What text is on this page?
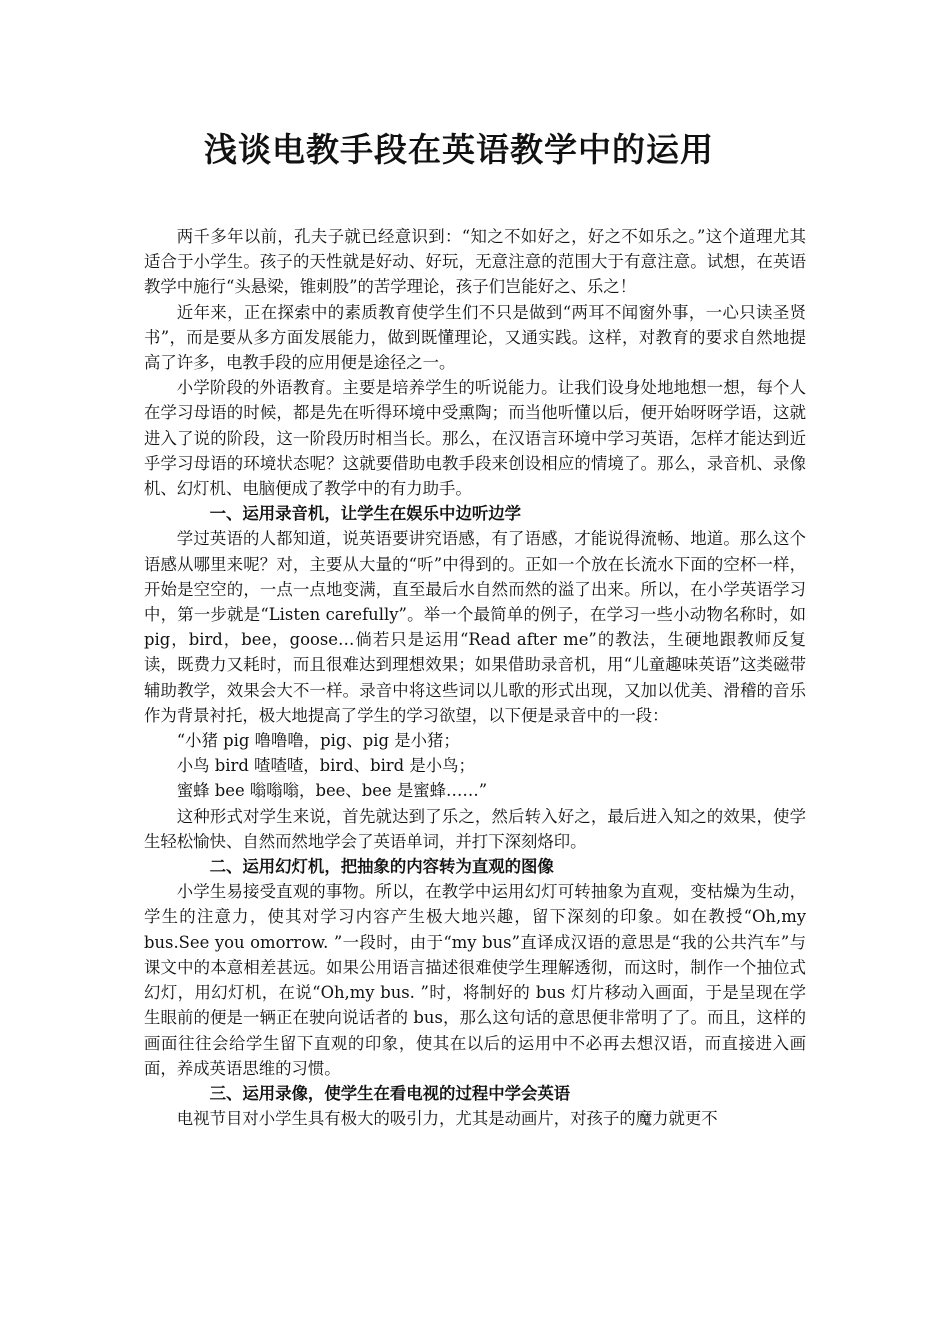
浅谈电教手段在英语教学中的运用

两千多年以前，孔夫子就已经意识到：“知之不如好之，好之不如乐之。”这个道理尤其适合于小学生。孩子的天性就是好动、好玩，无意注意的范围大于有意注意。试想，在英语教学中施行“头悬梁，锥刺股”的苦学理论，孩子们岂能好之、乐之！

近年来，正在探索中的素质教育使学生们不只是做到“两耳不闻窗外事，一心只读圣贤书”，而是要从多方面发展能力，做到既懂理论，又通实践。这样，对教育的要求自然地提高了许多，电教手段的应用便是途径之一。

小学阶段的外语教育。主要是培养学生的听说能力。让我们设身处地地想一想，每个人在学习母语的时候，都是先在听得环境中受熏陶；而当他听懂以后，便开始呀呀学语，这就进入了说的阶段，这一阶段历时相当长。那么，在汉语言环境中学习英语，怎样才能达到近乎学习母语的环境状态呢？这就要借助电教手段来创设相应的情境了。那么，录音机、录像机、幻灯机、电脑便成了教学中的有力助手。

一、运用录音机，让学生在娱乐中边听边学

学过英语的人都知道，说英语要讲究语感，有了语感，才能说得流畅、地道。那么这个语感从哪里来呢？对，主要从大量的“听”中得到的。正如一个放在长流水下面的空杯一样，开始是空空的，一点一点地变满，直至最后水自然而然的溢了出来。所以，在小学英语学习中，第一步就是“Listen carefully”。举一个最简单的例子，在学习一些小动物名称时，如 pig，bird，bee，goose…倘若只是运用“Read after me”的教法，生硬地跟教师反复读，既费力又耗时，而且很难达到理想效果；如果借助录音机，用“儿童趣味英语”这类磁带辅助教学，效果会大不一样。录音中将这些词以儿歌的形式出现，又加以优美、滑稽的音乐作为背景衬托，极大地提高了学生的学习欲望，以下便是录音中的一段：

“小猪 pig 噜噜噜，pig、pig 是小猪；

小鸟 bird 喳喳喳，bird、bird 是小鸟；

蜜蜂 bee 嗡嗡嗡，bee、bee 是蜜蜂……”

这种形式对学生来说，首先就达到了乐之，然后转入好之，最后进入知之的效果，使学生轻松愉快、自然而然地学会了英语单词，并打下深刻烙印。

二、运用幻灯机，把抽象的内容转为直观的图像

小学生易接受直观的事物。所以，在教学中运用幻灯可转抽象为直观，变枯燥为生动，学生的注意力，使其对学习内容产生极大地兴趣，留下深刻的印象。如在教授“Oh,my bus.See you omorrow. ”一段时，由于“my bus”直译成汉语的意思是“我的公共汽车”与课文中的本意相差甚远。如果公用语言描述很难使学生理解透彻，而这时，制作一个抽位式幻灯，用幻灯机，在说“Oh,my bus. ”时，将制好的 bus 灯片移动入画面，于是呈现在学生眼前的便是一辆正在驶向说话者的 bus，那么这句话的意思便非常明了了。而且，这样的画面往往会给学生留下直观的印象，使其在以后的运用中不必再去想汉语，而直接进入画面，养成英语思维的习惯。

三、运用录像，使学生在看电视的过程中学会英语

电视节目对小学生具有极大的吸引力，尤其是动画片，对孩子的魔力就更不
